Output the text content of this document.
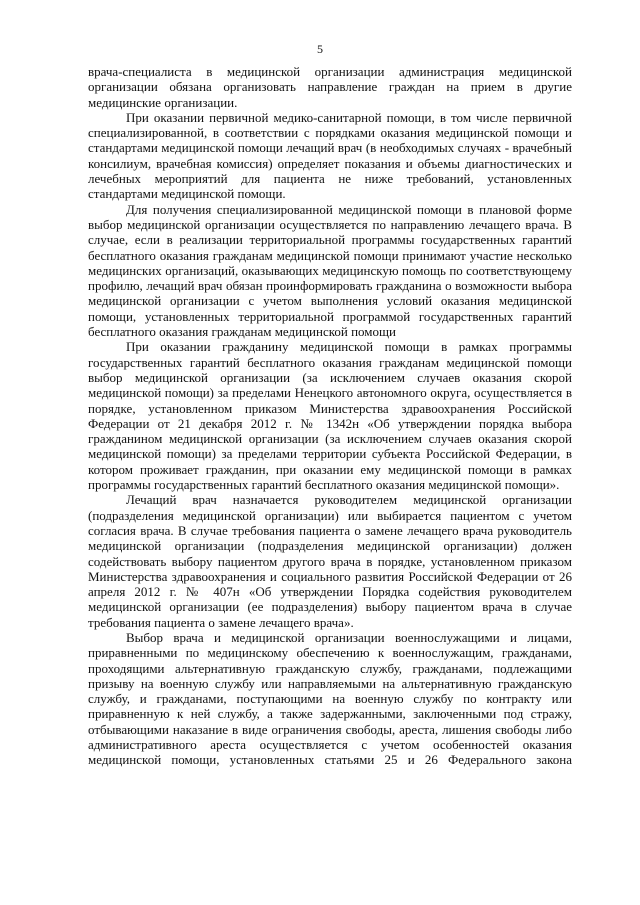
5

врача-специалиста в медицинской организации администрация медицинской организации обязана организовать направление граждан на прием в другие медицинские организации.

При оказании первичной медико-санитарной помощи, в том числе первичной специализированной, в соответствии с порядками оказания медицинской помощи и стандартами медицинской помощи лечащий врач (в необходимых случаях - врачебный консилиум, врачебная комиссия) определяет показания и объемы диагностических и лечебных мероприятий для пациента не ниже требований, установленных стандартами медицинской помощи.

Для получения специализированной медицинской помощи в плановой форме выбор медицинской организации осуществляется по направлению лечащего врача. В случае, если в реализации территориальной программы государственных гарантий бесплатного оказания гражданам медицинской помощи принимают участие несколько медицинских организаций, оказывающих медицинскую помощь по соответствующему профилю, лечащий врач обязан проинформировать гражданина о возможности выбора медицинской организации с учетом выполнения условий оказания медицинской помощи, установленных территориальной программой государственных гарантий бесплатного оказания гражданам медицинской помощи

При оказании гражданину медицинской помощи в рамках программы государственных гарантий бесплатного оказания гражданам медицинской помощи выбор медицинской организации (за исключением случаев оказания скорой медицинской помощи) за пределами Ненецкого автономного округа, осуществляется в порядке, установленном приказом Министерства здравоохранения Российской Федерации от 21 декабря 2012 г. № 1342н «Об утверждении порядка выбора гражданином медицинской организации (за исключением случаев оказания скорой медицинской помощи) за пределами территории субъекта Российской Федерации, в котором проживает гражданин, при оказании ему медицинской помощи в рамках программы государственных гарантий бесплатного оказания медицинской помощи».

Лечащий врач назначается руководителем медицинской организации (подразделения медицинской организации) или выбирается пациентом с учетом согласия врача. В случае требования пациента о замене лечащего врача руководитель медицинской организации (подразделения медицинской организации) должен содействовать выбору пациентом другого врача в порядке, установленном приказом Министерства здравоохранения и социального развития Российской Федерации от 26 апреля 2012 г. № 407н «Об утверждении Порядка содействия руководителем медицинской организации (ее подразделения) выбору пациентом врача в случае требования пациента о замене лечащего врача».

Выбор врача и медицинской организации военнослужащими и лицами, приравненными по медицинскому обеспечению к военнослужащим, гражданами, проходящими альтернативную гражданскую службу, гражданами, подлежащими призыву на военную службу или направляемыми на альтернативную гражданскую службу, и гражданами, поступающими на военную службу по контракту или приравненную к ней службу, а также задержанными, заключенными под стражу, отбывающими наказание в виде ограничения свободы, ареста, лишения свободы либо административного ареста осуществляется с учетом особенностей оказания медицинской помощи, установленных статьями 25 и 26 Федерального закона
